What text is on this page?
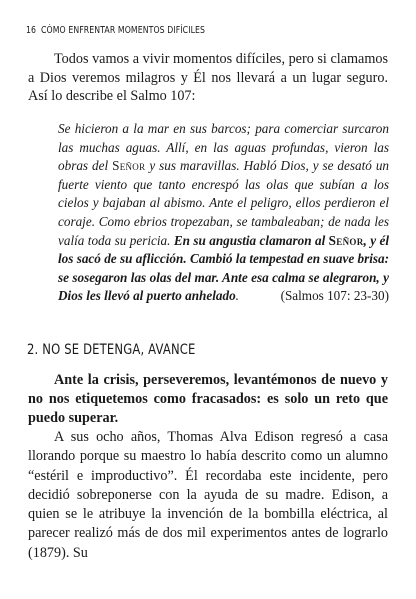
16 CÓMO ENFRENTAR MOMENTOS DIFÍCILES

Todos vamos a vivir momentos difíciles, pero si clamamos a Dios veremos milagros y Él nos llevará a un lugar seguro. Así lo describe el Salmo 107:

Se hicieron a la mar en sus barcos; para comerciar surcaron las muchas aguas. Allí, en las aguas profundas, vieron las obras del Señor y sus maravillas. Habló Dios, y se desató un fuerte viento que tanto encrespó las olas que subían a los cielos y bajaban al abismo. Ante el peligro, ellos perdieron el coraje. Como ebrios tropezaban, se tambaleaban; de nada les valía toda su pericia. En su angustia clamaron al Señor, y él los sacó de su aflicción. Cambió la tempestad en suave brisa: se sosegaron las olas del mar. Ante esa calma se alegraron, y Dios les llevó al puerto anhelado.	(Salmos 107: 23-30)

2. NO SE DETENGA, AVANCE

Ante la crisis, perseveremos, levantémonos de nuevo y no nos etiquetemos como fracasados: es solo un reto que puedo superar.

A sus ocho años, Thomas Alva Edison regresó a casa llorando porque su maestro lo había descrito como un alumno “estéril e improductivo”. Él recordaba este incidente, pero decidió sobreponerse con la ayuda de su madre. Edison, a quien se le atribuye la invención de la bombilla eléctrica, al parecer realizó más de dos mil experimentos antes de lograrlo (1879). Su
